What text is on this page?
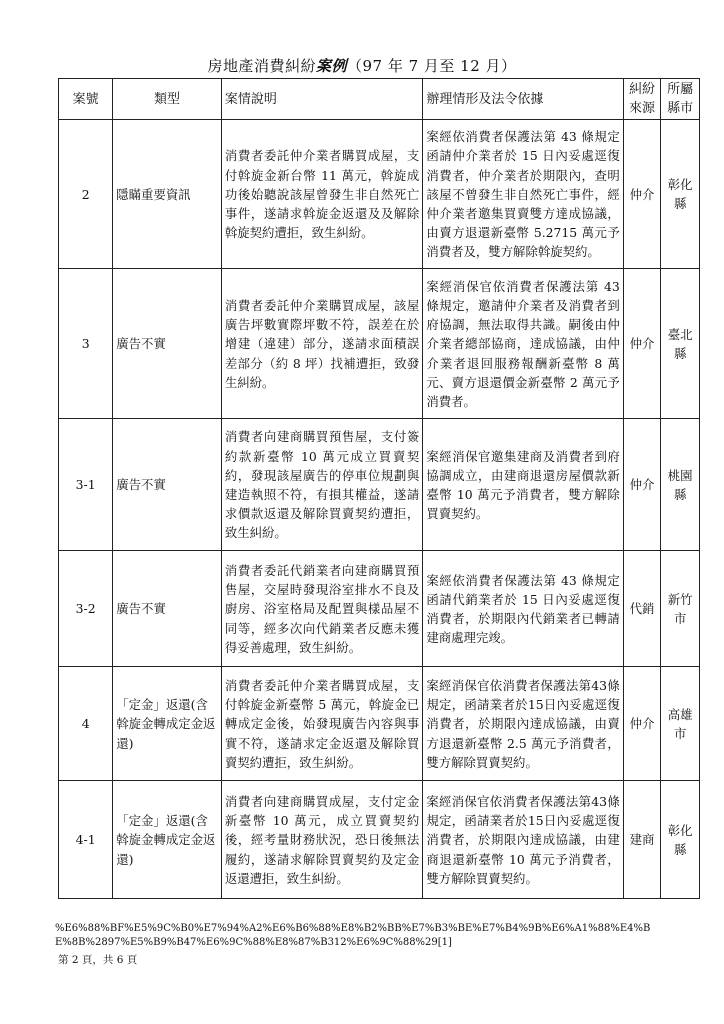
房地產消費糾紛案例（97 年 7 月至 12 月）
案號	類型	案情說明	辦理情形及法令依據	糾紛來源	所屬縣市
2	隱瞞重要資訊	消費者委託仲介業者購買成屋，支付斡旋金新台幣 11 萬元，斡旋成功後始聽說該屋曾發生非自然死亡事件，遂請求斡旋金返還及及解除斡旋契約遭拒，致生糾紛。	案經依消費者保護法第 43 條規定函請仲介業者於 15 日內妥處逕復消費者，仲介業者於期限內，查明該屋不曾發生非自然死亡事件，經仲介業者邀集買賣雙方達成協議，由賣方退還新臺幣 5.2715 萬元予消費者及，雙方解除斡旋契約。	仲介	彰化縣
3	廣告不實	消費者委託仲介業購買成屋，該屋廣告坪數實際坪數不符，誤差在於增建（違建）部分，遂請求面積誤差部分（約 8 坪）找補遭拒，致發生糾紛。	案經消保官依消費者保護法第 43 條規定，邀請仲介業者及消費者到府協調，無法取得共識。嗣後由仲介業者總部協商，達成協議，由仲介業者退回服務報酬新臺幣 8 萬元、賣方退還價金新臺幣 2 萬元予消費者。	仲介	臺北縣
3-1	廣告不實	消費者向建商購買預售屋，支付簽約款新臺幣 10 萬元成立買賣契約，發現該屋廣告的停車位規劃與建造執照不符，有損其權益，遂請求價款返還及解除買賣契約遭拒，致生糾紛。	案經消保官邀集建商及消費者到府協調成立，由建商退還房屋價款新臺幣 10 萬元予消費者，雙方解除買賣契約。	仲介	桃園縣
3-2	廣告不實	消費者委託代銷業者向建商購買預售屋，交屋時發現浴室排水不良及廚房、浴室格局及配置與樣品屋不同等，經多次向代銷業者反應未獲得妥善處理，致生糾紛。	案經依消費者保護法第 43 條規定函請代銷業者於 15 日內妥處逕復消費者，於期限內代銷業者已轉請建商處理完竣。	代銷	新竹市
4	「定金」返還(含斡旋金轉成定金返還)	消費者委託仲介業者購買成屋，支付斡旋金新臺幣 5 萬元，斡旋金已轉成定金後，始發現廣告內容與事實不符，遂請求定金返還及解除買賣契約遭拒，致生糾紛。	案經消保官依消費者保護法第43條規定，函請業者於15日內妥處逕復消費者，於期限內達成協議，由賣方退還新臺幣 2.5 萬元予消費者，雙方解除買賣契約。	仲介	高雄市
4-1	「定金」返還(含斡旋金轉成定金返還)	消費者向建商購買成屋，支付定金新臺幣 10 萬元，成立買賣契約後，經考量財務狀況，恐日後無法履約，遂請求解除買賣契約及定金返還遭拒，致生糾紛。	案經消保官依消費者保護法第43條規定，函請業者於15日內妥處逕復消費者，於期限內達成協議，由建商退還新臺幣 10 萬元予消費者，雙方解除買賣契約。	建商	彰化縣
%E6%88%BF%E5%9C%B0%E7%94%A2%E6%B6%88%E8%B2%BB%E7%B3%BE%E7%B4%9B%E6%A1%88%E4%BE%8B%2897%E5%B9%B47%E6%9C%88%E8%87%B312%E6%9C%88%29[1]
第 2 頁，共 6 頁
